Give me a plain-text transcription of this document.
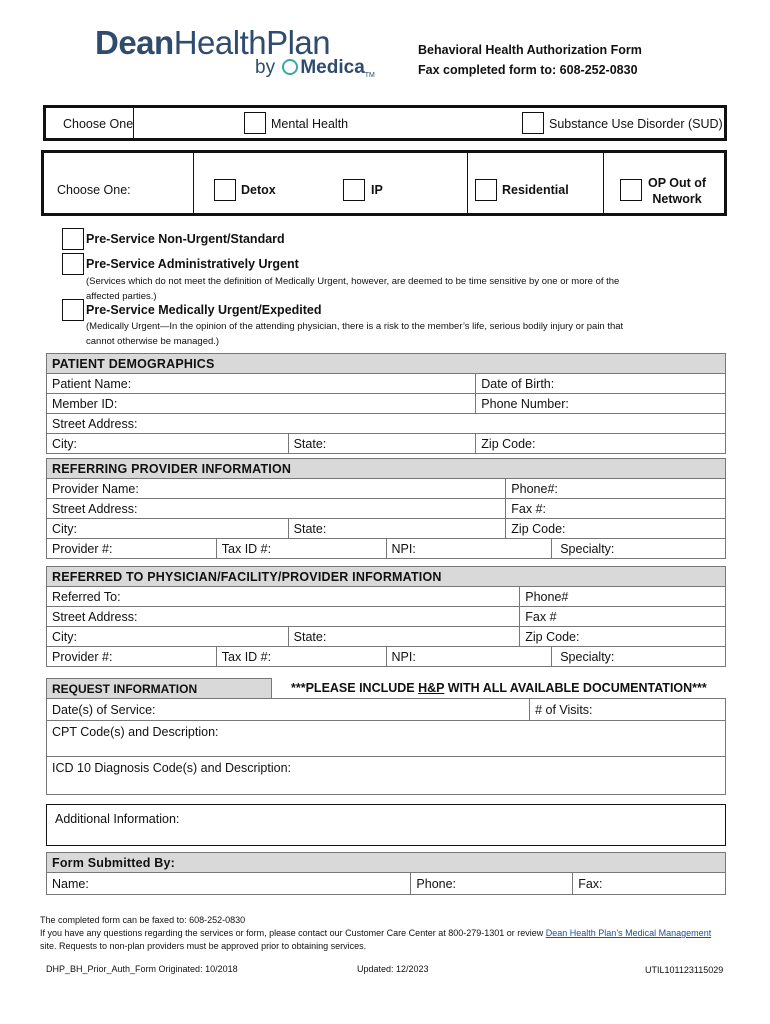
DeanHealthPlan
by MedicaTM
Behavioral Health Authorization Form
Fax completed form to: 608-252-0830
Choose One	Mental Health	Substance Use Disorder (SUD)
Choose One:	Detox	IP	Residential	OP Out of
Network
Pre-Service Non-Urgent/Standard
Pre-Service Administratively Urgent
(Services which do not meet the definition of Medically Urgent, however, are deemed to be time sensitive by one or more of the
affected parties.)
Pre-Service Medically Urgent/Expedited
(Medically Urgent—In the opinion of the attending physician, there is a risk to the member’s life, serious bodily injury or pain that
cannot otherwise be managed.)
PATIENT DEMOGRAPHICS		
Patient Name:		Date of Birth:
Member ID:		Phone Number:
Street Address:		
City:	State:	Zip Code:
REFERRING PROVIDER INFORMATION					
Provider Name:				Phone#:	
Street Address:				Fax #:	
City:		State:		Zip Code:	
Provider #:	Tax ID #:		NPI:		Specialty:
REFERRED TO PHYSICIAN/FACILITY/PROVIDER INFORMATION					
Referred To:				Phone#	
Street Address:				Fax #	
City:		State:		Zip Code:	
Provider #:	Tax ID #:		NPI:		Specialty:
REQUEST INFORMATION	***PLEASE INCLUDE H&P WITH ALL AVAILABLE DOCUMENTATION***	
Date(s) of Service:		# of Visits:
CPT Code(s) and Description:		
ICD 10 Diagnosis Code(s) and Description:		
Additional Information:
Form Submitted By:
Name:	Phone:	Fax:
The completed form can be faxed to: 608-252-0830
If you have any questions regarding the services or form, please contact our Customer Care Center at 800-279-1301 or review Dean Health Plan’s Medical Management
site. Requests to non-plan providers must be approved prior to obtaining services.
DHP_BH_Prior_Auth_Form Originated: 10/2018	Updated: 12/2023	UTIL101123115029
